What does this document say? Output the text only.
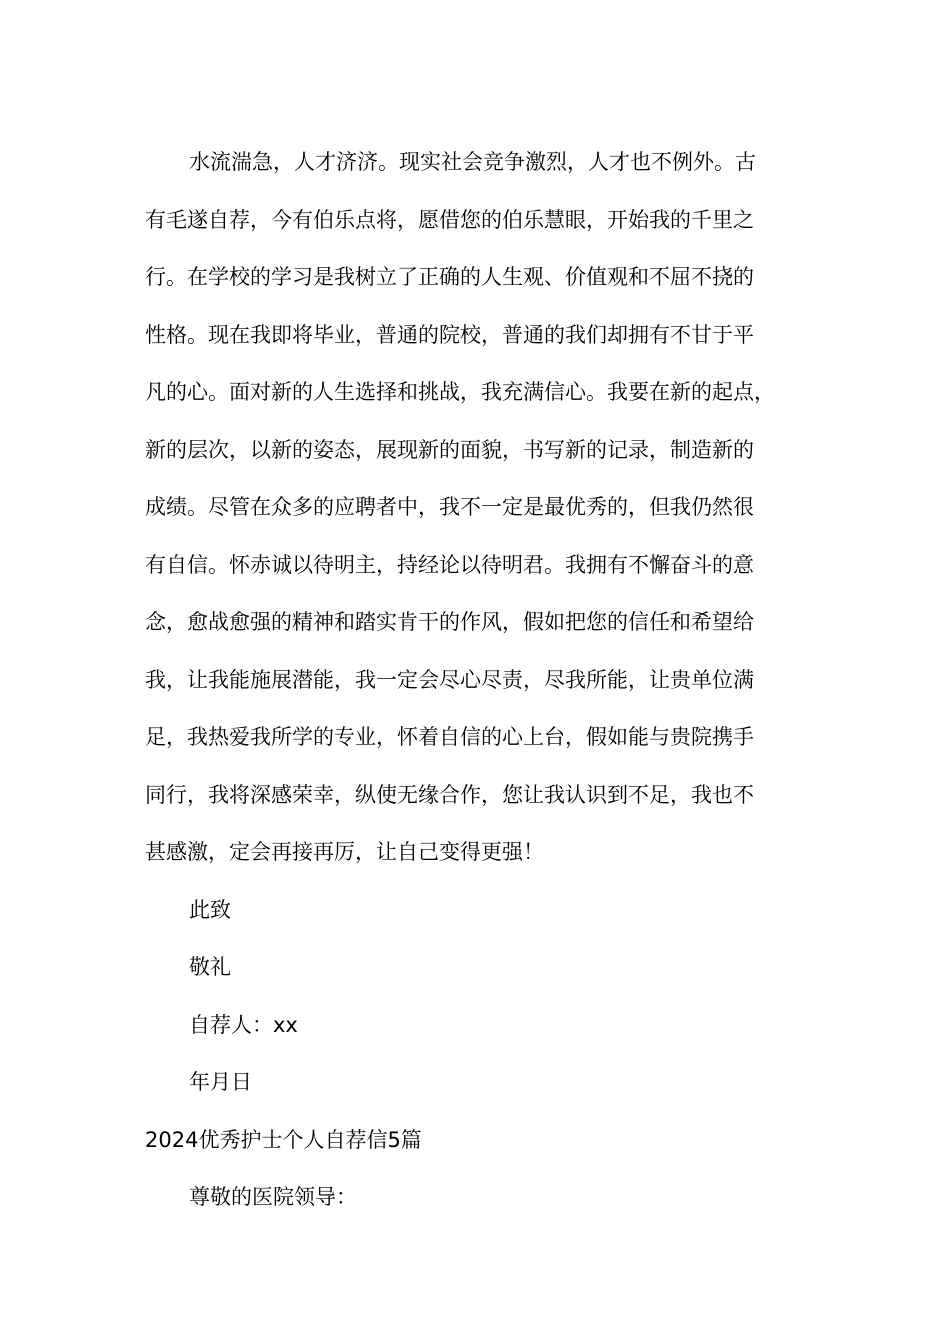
水流湍急，人才济济。现实社会竞争激烈，人才也不例外。古
有毛遂自荐，今有伯乐点将，愿借您的伯乐慧眼，开始我的千里之
行。在学校的学习是我树立了正确的人生观、价值观和不屈不挠的
性格。现在我即将毕业，普通的院校，普通的我们却拥有不甘于平
凡的心。面对新的人生选择和挑战，我充满信心。我要在新的起点，
新的层次，以新的姿态，展现新的面貌，书写新的记录，制造新的
成绩。尽管在众多的应聘者中，我不一定是最优秀的，但我仍然很
有自信。怀赤诚以待明主，持经论以待明君。我拥有不懈奋斗的意
念，愈战愈强的精神和踏实肯干的作风，假如把您的信任和希望给
我，让我能施展潜能，我一定会尽心尽责，尽我所能，让贵单位满
足，我热爱我所学的专业，怀着自信的心上台，假如能与贵院携手
同行，我将深感荣幸，纵使无缘合作，您让我认识到不足，我也不
甚感激，定会再接再厉，让自己变得更强！
此致
敬礼
自荐人：xx
年月日
2024优秀护士个人自荐信5篇
尊敬的医院领导：
